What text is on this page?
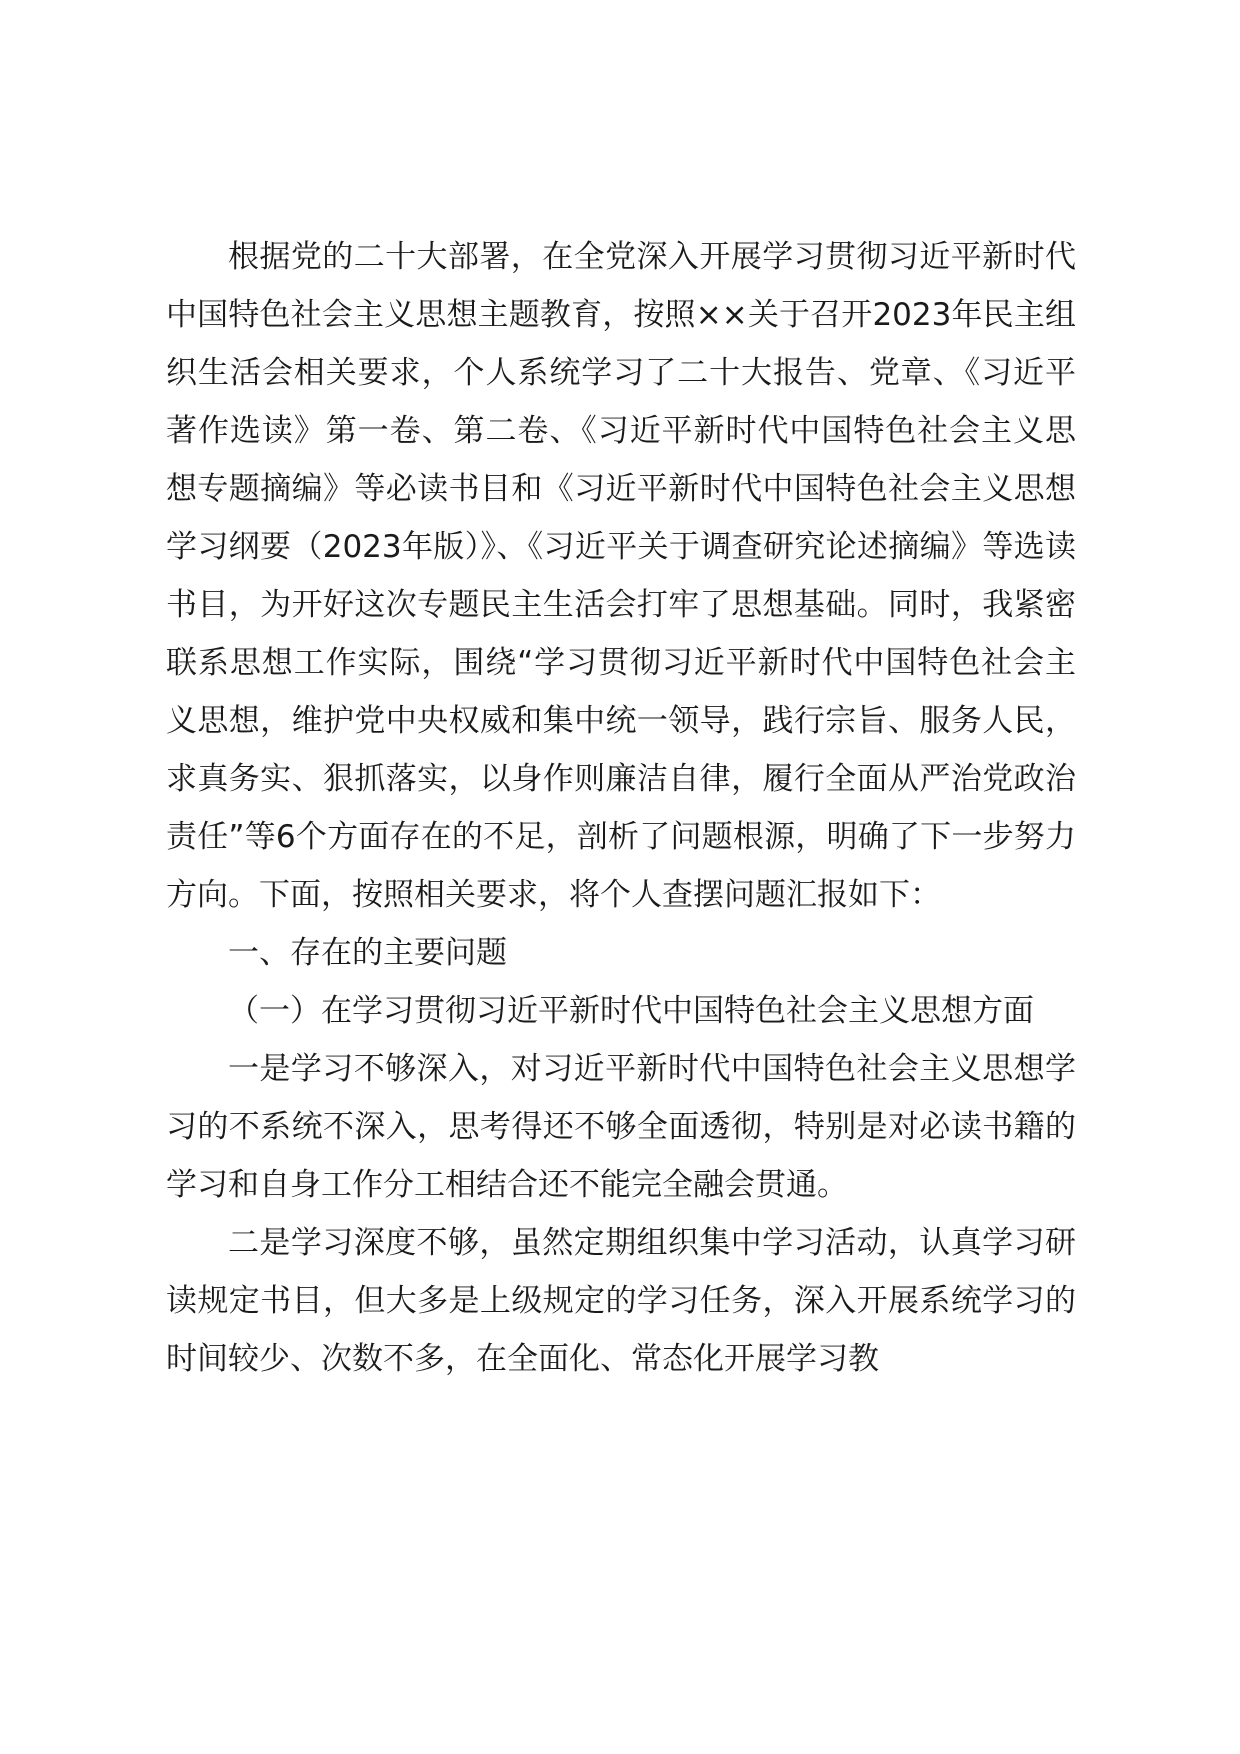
根据党的二十大部署，在全党深入开展学习贯彻习近平新时代中国特色社会主义思想主题教育，按照××关于召开2023年民主组织生活会相关要求，个人系统学习了二十大报告、党章、《习近平著作选读》第一卷、第二卷、《习近平新时代中国特色社会主义思想专题摘编》等必读书目和《习近平新时代中国特色社会主义思想学习纲要（2023年版）》、《习近平关于调查研究论述摘编》等选读书目，为开好这次专题民主生活会打牢了思想基础。同时，我紧密联系思想工作实际，围绕“学习贯彻习近平新时代中国特色社会主义思想，维护党中央权威和集中统一领导，践行宗旨、服务人民，求真务实、狠抓落实，以身作则廉洁自律，履行全面从严治党政治责任”等6个方面存在的不足，剖析了问题根源，明确了下一步努力方向。下面，按照相关要求，将个人查摆问题汇报如下：

一、存在的主要问题

（一）在学习贯彻习近平新时代中国特色社会主义思想方面

一是学习不够深入，对习近平新时代中国特色社会主义思想学习的不系统不深入，思考得还不够全面透彻，特别是对必读书籍的学习和自身工作分工相结合还不能完全融会贯通。

二是学习深度不够，虽然定期组织集中学习活动，认真学习研读规定书目，但大多是上级规定的学习任务，深入开展系统学习的时间较少、次数不多，在全面化、常态化开展学习教
